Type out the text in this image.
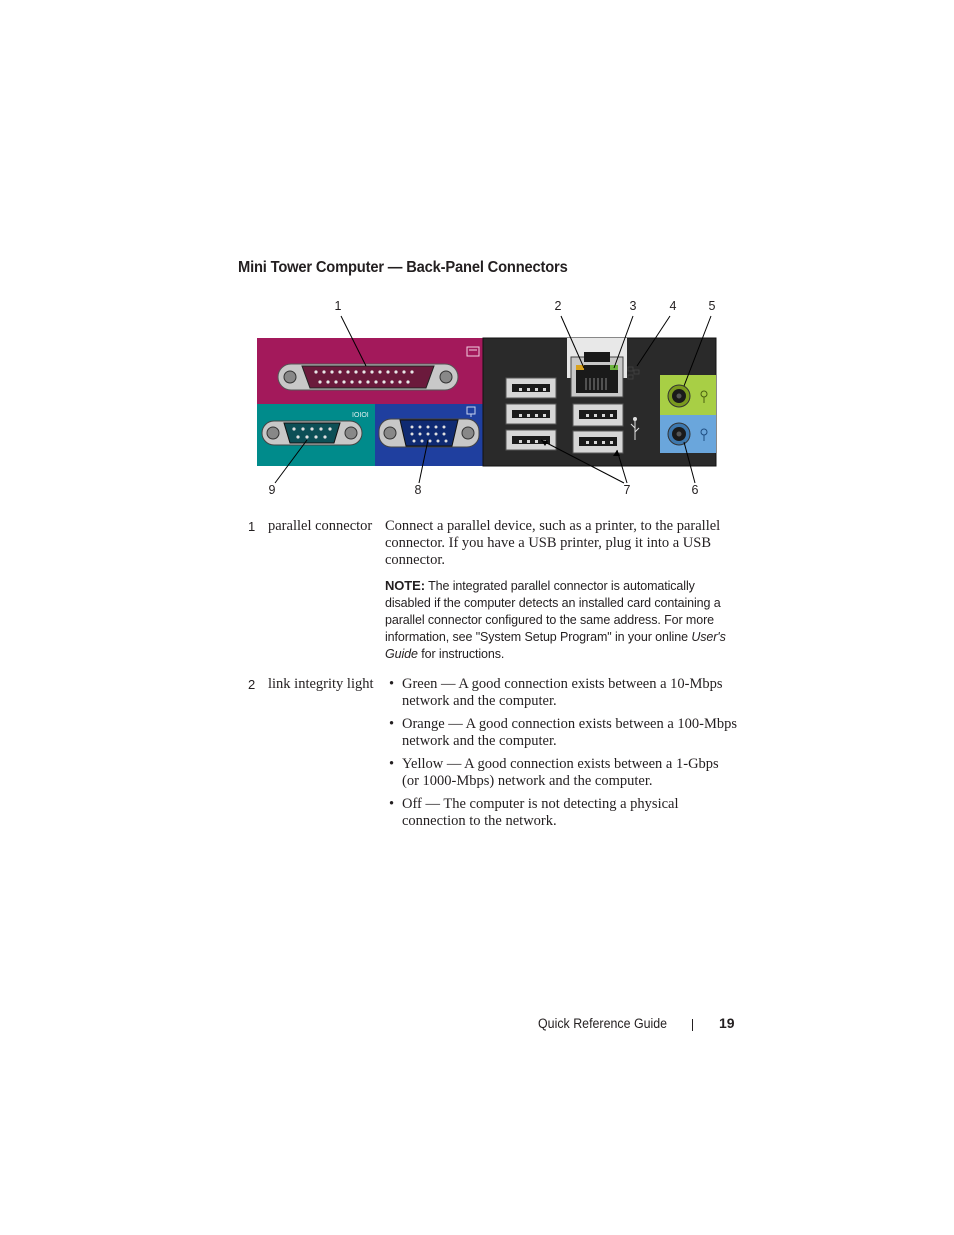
Mini Tower Computer — Back-Panel Connectors
1	2	3	4	5
9	8	7	6
IOIOI
1 parallel connector Connect a parallel device, such as a printer, to the parallel connector. If you have a USB printer, plug it into a USB connector.

NOTE: The integrated parallel connector is automatically disabled if the computer detects an installed card containing a parallel connector configured to the same address. For more information, see "System Setup Program" in your online User's Guide for instructions.
2 link integrity light
•	Green — A good connection exists between a 10-Mbps network and the computer.
• Orange — A good connection exists between a 100-Mbps network and the computer.
• Yellow — A good connection exists between a 1-Gbps (or 1000-Mbps) network and the computer.
• Off — The computer is not detecting a physical connection to the network.
Quick Reference Guide	19
